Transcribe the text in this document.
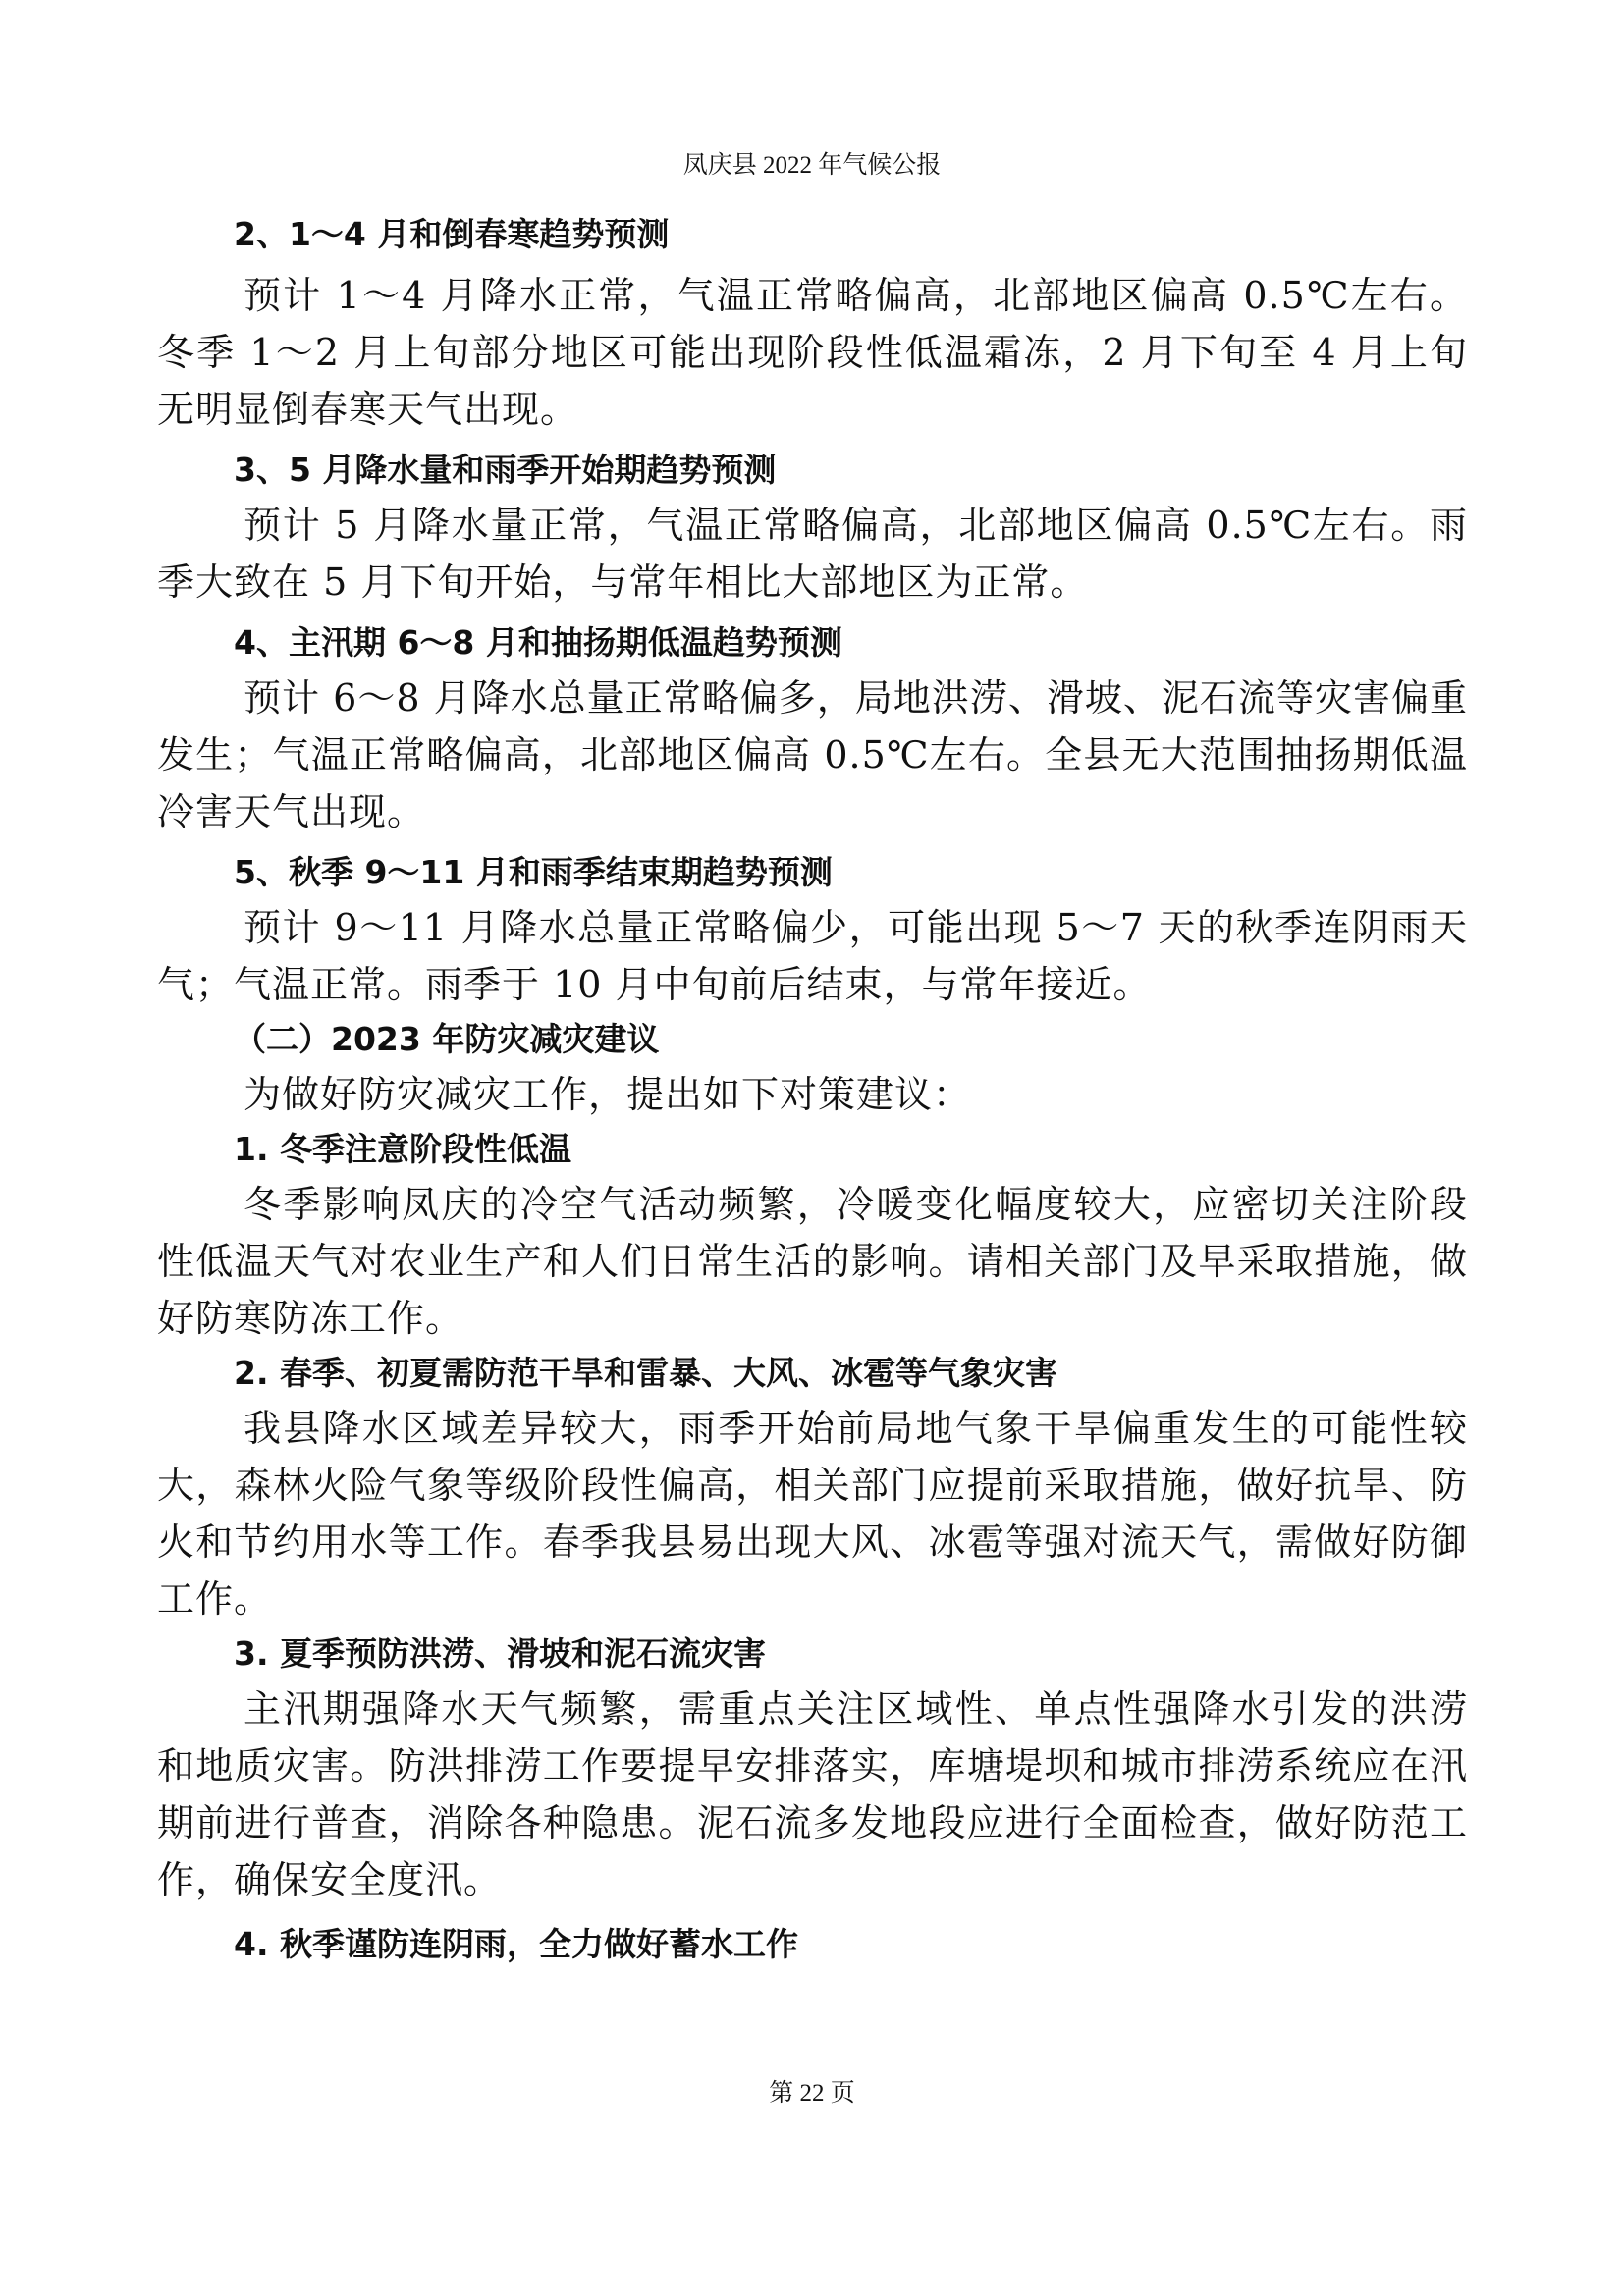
凤庆县 2022 年气候公报
2、1～4 月和倒春寒趋势预测

预计 1～4 月降水正常，气温正常略偏高，北部地区偏高 0.5℃左右。冬季 1～2 月上旬部分地区可能出现阶段性低温霜冻，2 月下旬至 4 月上旬无明显倒春寒天气出现。

3、5 月降水量和雨季开始期趋势预测

预计 5 月降水量正常，气温正常略偏高，北部地区偏高 0.5℃左右。雨季大致在 5 月下旬开始，与常年相比大部地区为正常。

4、主汛期 6～8 月和抽扬期低温趋势预测

预计 6～8 月降水总量正常略偏多，局地洪涝、滑坡、泥石流等灾害偏重发生；气温正常略偏高，北部地区偏高 0.5℃左右。全县无大范围抽扬期低温冷害天气出现。

5、秋季 9～11 月和雨季结束期趋势预测

预计 9～11 月降水总量正常略偏少，可能出现 5～7 天的秋季连阴雨天气；气温正常。雨季于 10 月中旬前后结束，与常年接近。

（二）2023 年防灾减灾建议

为做好防灾减灾工作，提出如下对策建议：

1. 冬季注意阶段性低温

冬季影响凤庆的冷空气活动频繁，冷暖变化幅度较大，应密切关注阶段性低温天气对农业生产和人们日常生活的影响。请相关部门及早采取措施，做好防寒防冻工作。

2. 春季、初夏需防范干旱和雷暴、大风、冰雹等气象灾害

我县降水区域差异较大，雨季开始前局地气象干旱偏重发生的可能性较大，森林火险气象等级阶段性偏高，相关部门应提前采取措施，做好抗旱、防火和节约用水等工作。春季我县易出现大风、冰雹等强对流天气，需做好防御工作。

3. 夏季预防洪涝、滑坡和泥石流灾害

主汛期强降水天气频繁，需重点关注区域性、单点性强降水引发的洪涝和地质灾害。防洪排涝工作要提早安排落实，库塘堤坝和城市排涝系统应在汛期前进行普查，消除各种隐患。泥石流多发地段应进行全面检查，做好防范工作，确保安全度汛。

4. 秋季谨防连阴雨，全力做好蓄水工作
第 22 页
